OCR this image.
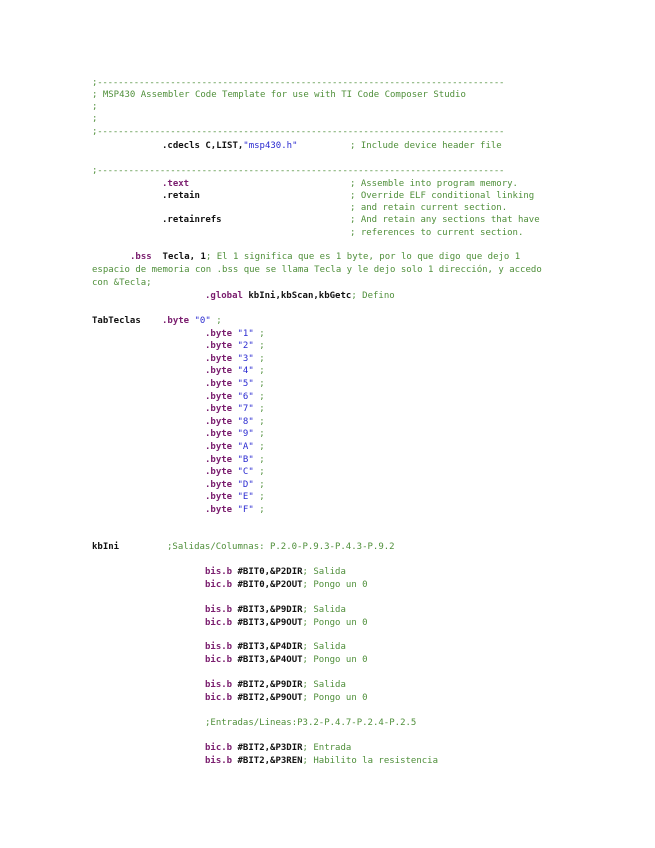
;------------------------------------------------------------------------------
; MSP430 Assembler Code Template for use with TI Code Composer Studio
;
;
;------------------------------------------------------------------------------
.cdecls C,LIST,"msp430.h"	; Include device header file
;------------------------------------------------------------------------------
.text	; Assemble into program memory.
.retain	; Override ELF conditional linking
; and retain current section.
.retainrefs	; And retain any sections that have
; references to current section.
.bss Tecla, 1; El 1 significa que es 1 byte, por lo que digo que dejo 1 espacio de memoria con .bss que se llama Tecla y le dejo solo 1 dirección, y accedo con &Tecla;
.global kbIni,kbScan,kbGetc; Defino
TabTeclas .byte "0" ;
.byte "1" ;
.byte "2" ;
.byte "3" ;
.byte "4" ;
.byte "5" ;
.byte "6" ;
.byte "7" ;
.byte "8" ;
.byte "9" ;
.byte "A" ;
.byte "B" ;
.byte "C" ;
.byte "D" ;
.byte "E" ;
.byte "F" ;
kbIni	;Salidas/Columnas: P.2.0-P.9.3-P.4.3-P.9.2
bis.b #BIT0,&P2DIR; Salida
bic.b #BIT0,&P2OUT; Pongo un 0
bis.b #BIT3,&P9DIR; Salida
bic.b #BIT3,&P9OUT; Pongo un 0
bis.b #BIT3,&P4DIR; Salida
bic.b #BIT3,&P4OUT; Pongo un 0
bis.b #BIT2,&P9DIR; Salida
bic.b #BIT2,&P9OUT; Pongo un 0
;Entradas/Lineas:P3.2-P.4.7-P.2.4-P.2.5
bic.b #BIT2,&P3DIR; Entrada
bis.b #BIT2,&P3REN; Habilito la resistencia
